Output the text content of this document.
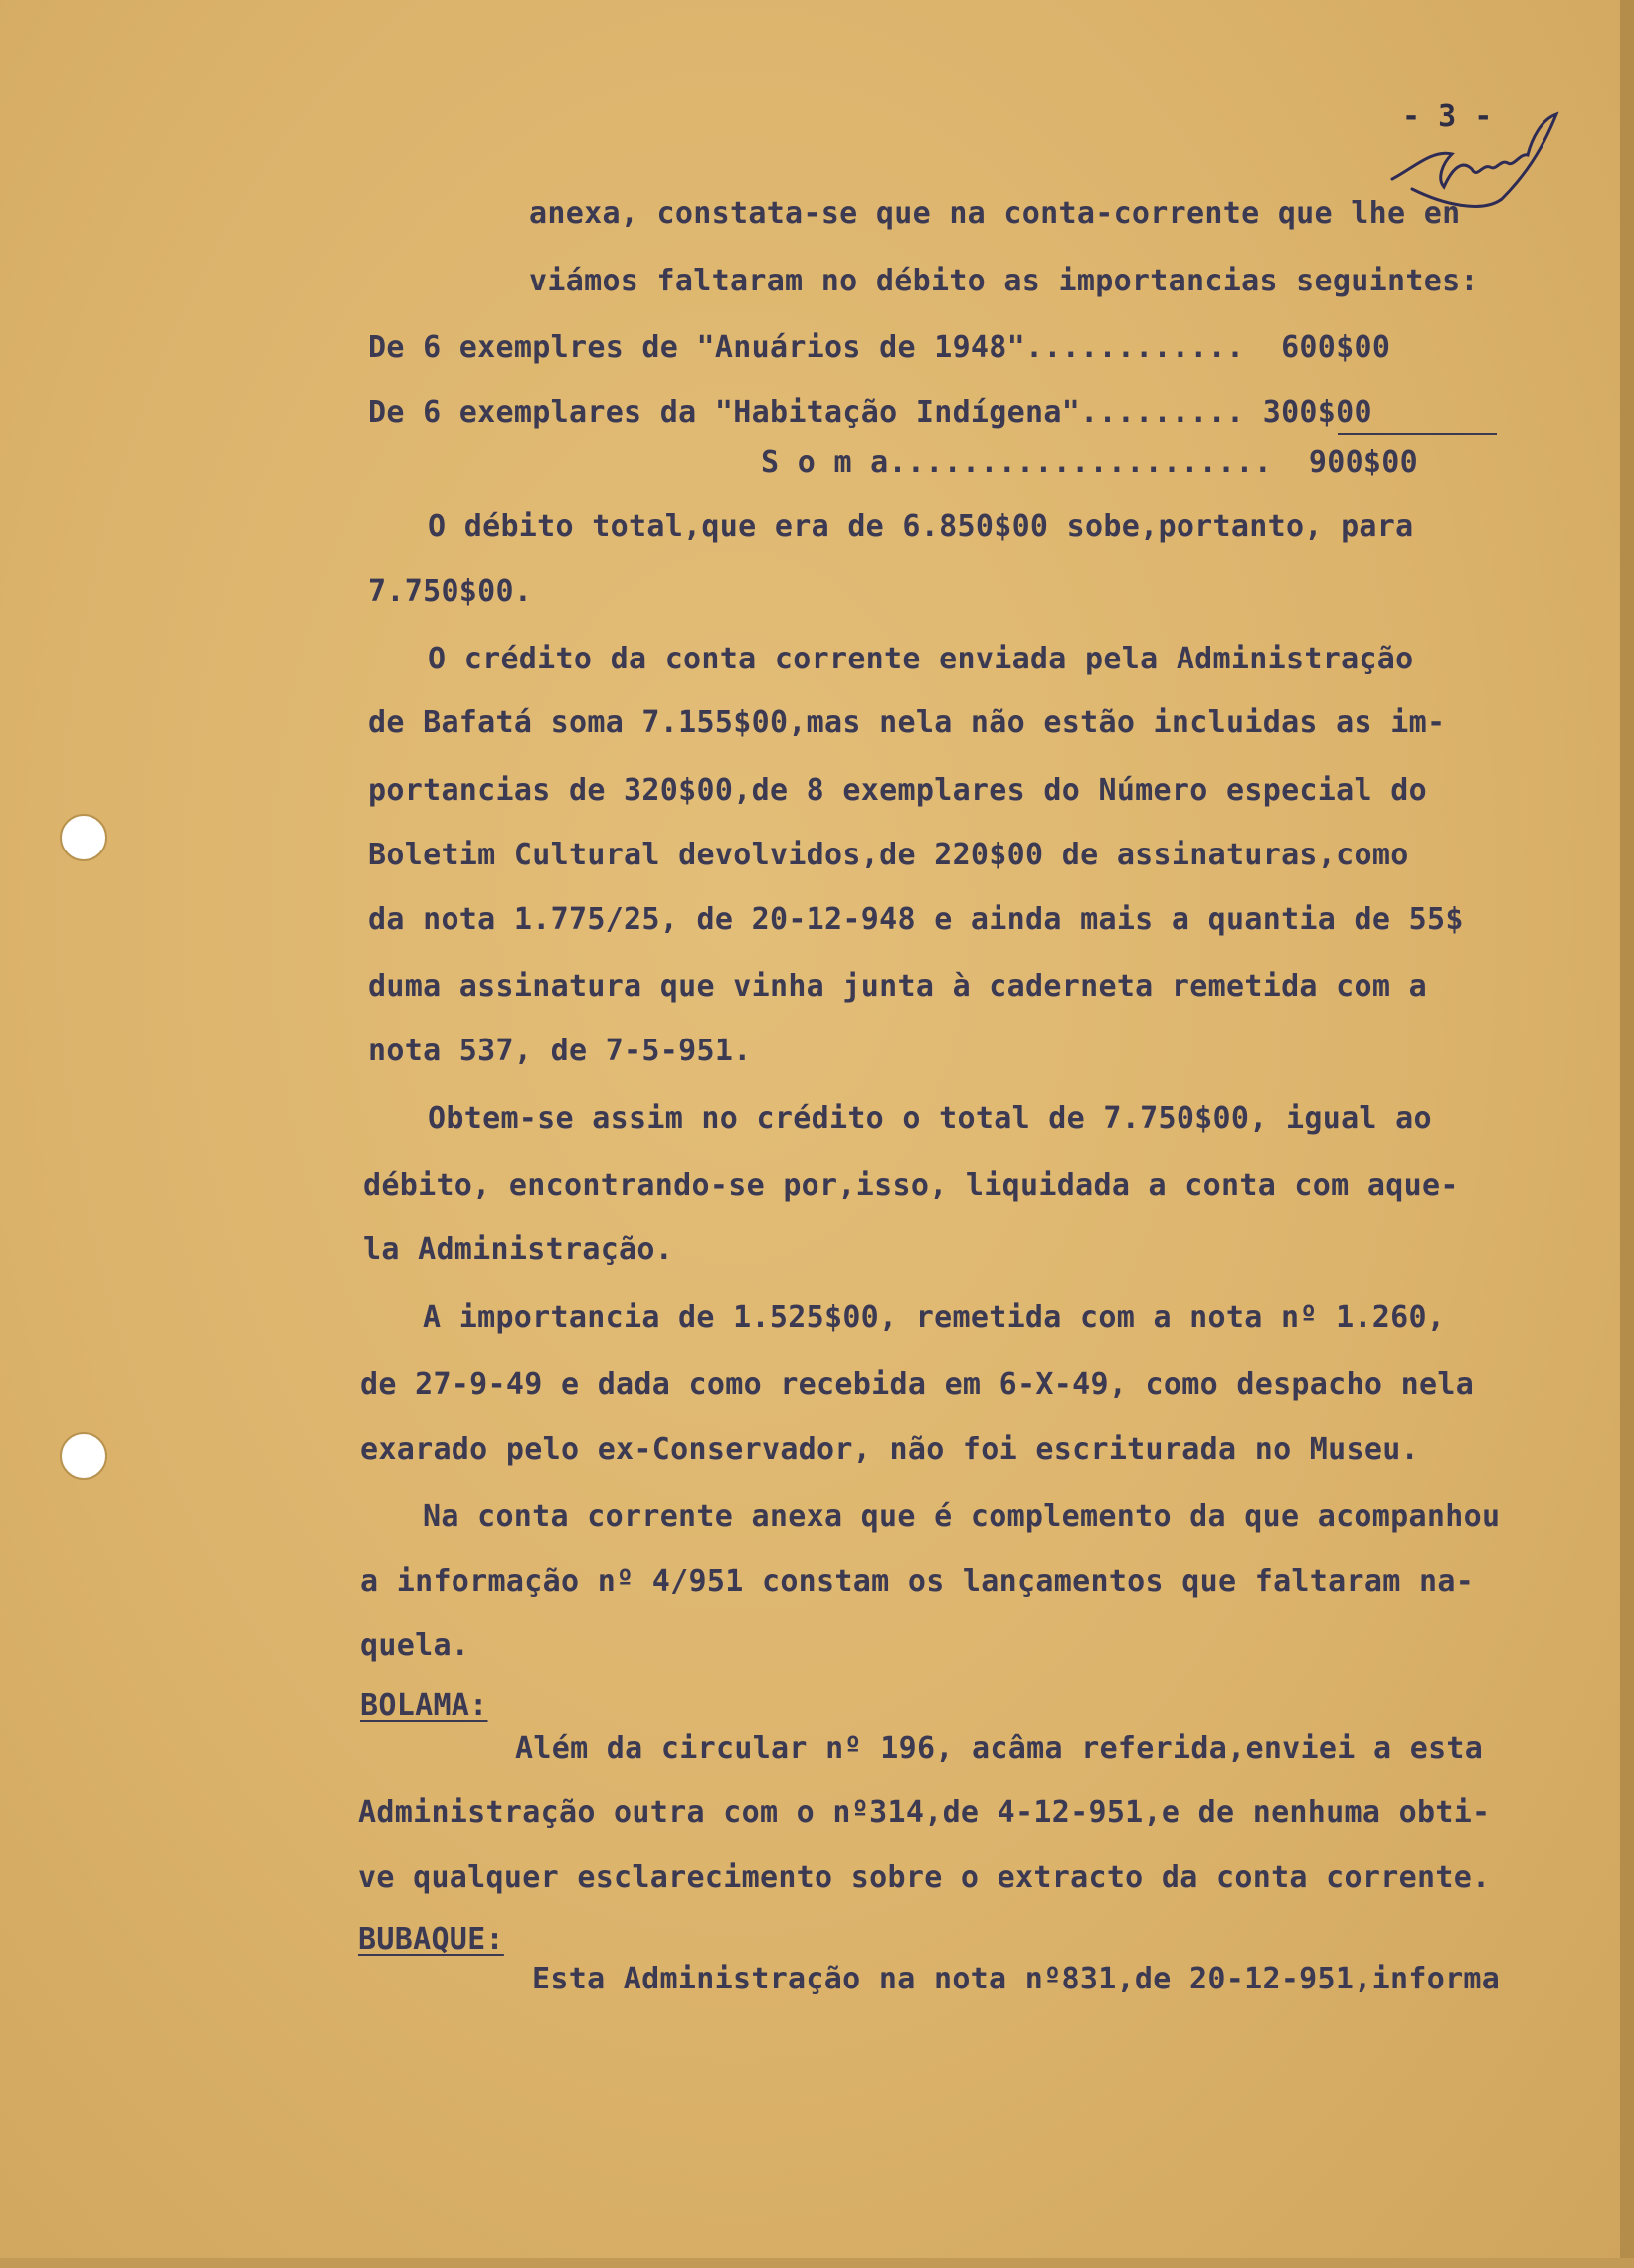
- 3 -
anexa, constata-se que na conta-corrente que lhe en
viámos faltaram no débito as importancias seguintes:
De 6 exemplres de "Anuários de 1948"............  600$00
De 6 exemplares da "Habitação Indígena"......... 300$00
S o m a.....................  900$00
O débito total,que era de 6.850$00 sobe,portanto, para
7.750$00.
O crédito da conta corrente enviada pela Administração
de Bafatá soma 7.155$00,mas nela não estão incluidas as im-
portancias de 320$00,de 8 exemplares do Número especial do
Boletim Cultural devolvidos,de 220$00 de assinaturas,como
da nota 1.775/25, de 20-12-948 e ainda mais a quantia de 55$
duma assinatura que vinha junta à caderneta remetida com a
nota 537, de 7-5-951.
Obtem-se assim no crédito o total de 7.750$00, igual ao
débito, encontrando-se por,isso, liquidada a conta com aque-
la Administração.
A importancia de 1.525$00, remetida com a nota nº 1.260,
de 27-9-49 e dada como recebida em 6-X-49, como despacho nela
exarado pelo ex-Conservador, não foi escriturada no Museu.
Na conta corrente anexa que é complemento da que acompanhou
a informação nº 4/951 constam os lançamentos que faltaram na-
quela.
BOLAMA:
Além da circular nº 196, acâma referida,enviei a esta
Administração outra com o nº314,de 4-12-951,e de nenhuma obti-
ve qualquer esclarecimento sobre o extracto da conta corrente.
BUBAQUE:
Esta Administração na nota nº831,de 20-12-951,informa
